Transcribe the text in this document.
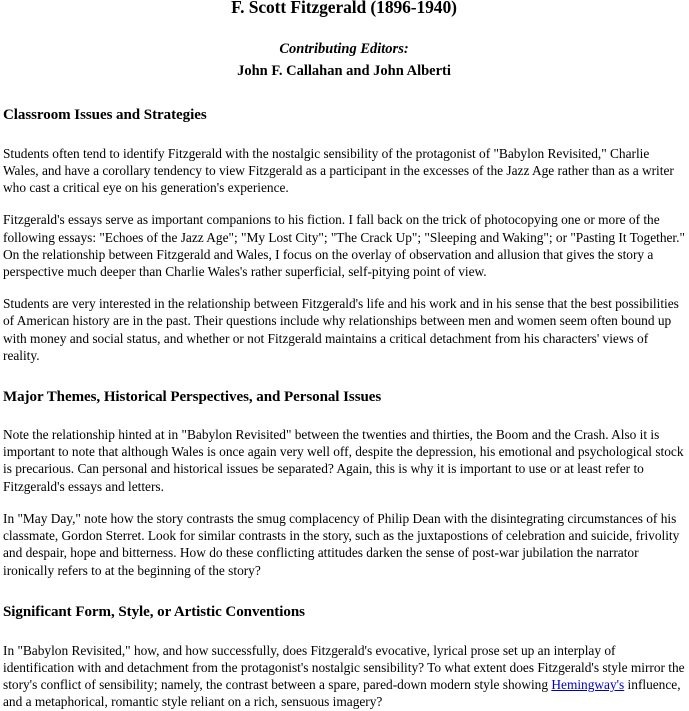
F. Scott Fitzgerald (1896-1940)
Contributing Editors:
John F. Callahan and John Alberti
Classroom Issues and Strategies

Students often tend to identify Fitzgerald with the nostalgic sensibility of the protagonist of "Babylon Revisited," Charlie Wales, and have a corollary tendency to view Fitzgerald as a participant in the excesses of the Jazz Age rather than as a writer who cast a critical eye on his generation's experience.

Fitzgerald's essays serve as important companions to his fiction. I fall back on the trick of photocopying one or more of the following essays: "Echoes of the Jazz Age"; "My Lost City"; "The Crack Up"; "Sleeping and Waking"; or "Pasting It Together." On the relationship between Fitzgerald and Wales, I focus on the overlay of observation and allusion that gives the story a perspective much deeper than Charlie Wales's rather superficial, self-pitying point of view.

Students are very interested in the relationship between Fitzgerald's life and his work and in his sense that the best possibilities of American history are in the past. Their questions include why relationships between men and women seem often bound up with money and social status, and whether or not Fitzgerald maintains a critical detachment from his characters' views of reality.

Major Themes, Historical Perspectives, and Personal Issues

Note the relationship hinted at in "Babylon Revisited" between the twenties and thirties, the Boom and the Crash. Also it is important to note that although Wales is once again very well off, despite the depression, his emotional and psychological stock is precarious. Can personal and historical issues be separated? Again, this is why it is important to use or at least refer to Fitzgerald's essays and letters.

In "May Day," note how the story contrasts the smug complacency of Philip Dean with the disintegrating circumstances of his classmate, Gordon Sterret. Look for similar contrasts in the story, such as the juxtapostions of celebration and suicide, frivolity and despair, hope and bitterness. How do these conflicting attitudes darken the sense of post-war jubilation the narrator ironically refers to at the beginning of the story?

Significant Form, Style, or Artistic Conventions

In "Babylon Revisited," how, and how successfully, does Fitzgerald's evocative, lyrical prose set up an interplay of identification with and detachment from the protagonist's nostalgic sensibility? To what extent does Fitzgerald's style mirror the story's conflict of sensibility; namely, the contrast between a spare, pared-down modern style showing Hemingway's influence, and a metaphorical, romantic style reliant on a rich, sensuous imagery?
